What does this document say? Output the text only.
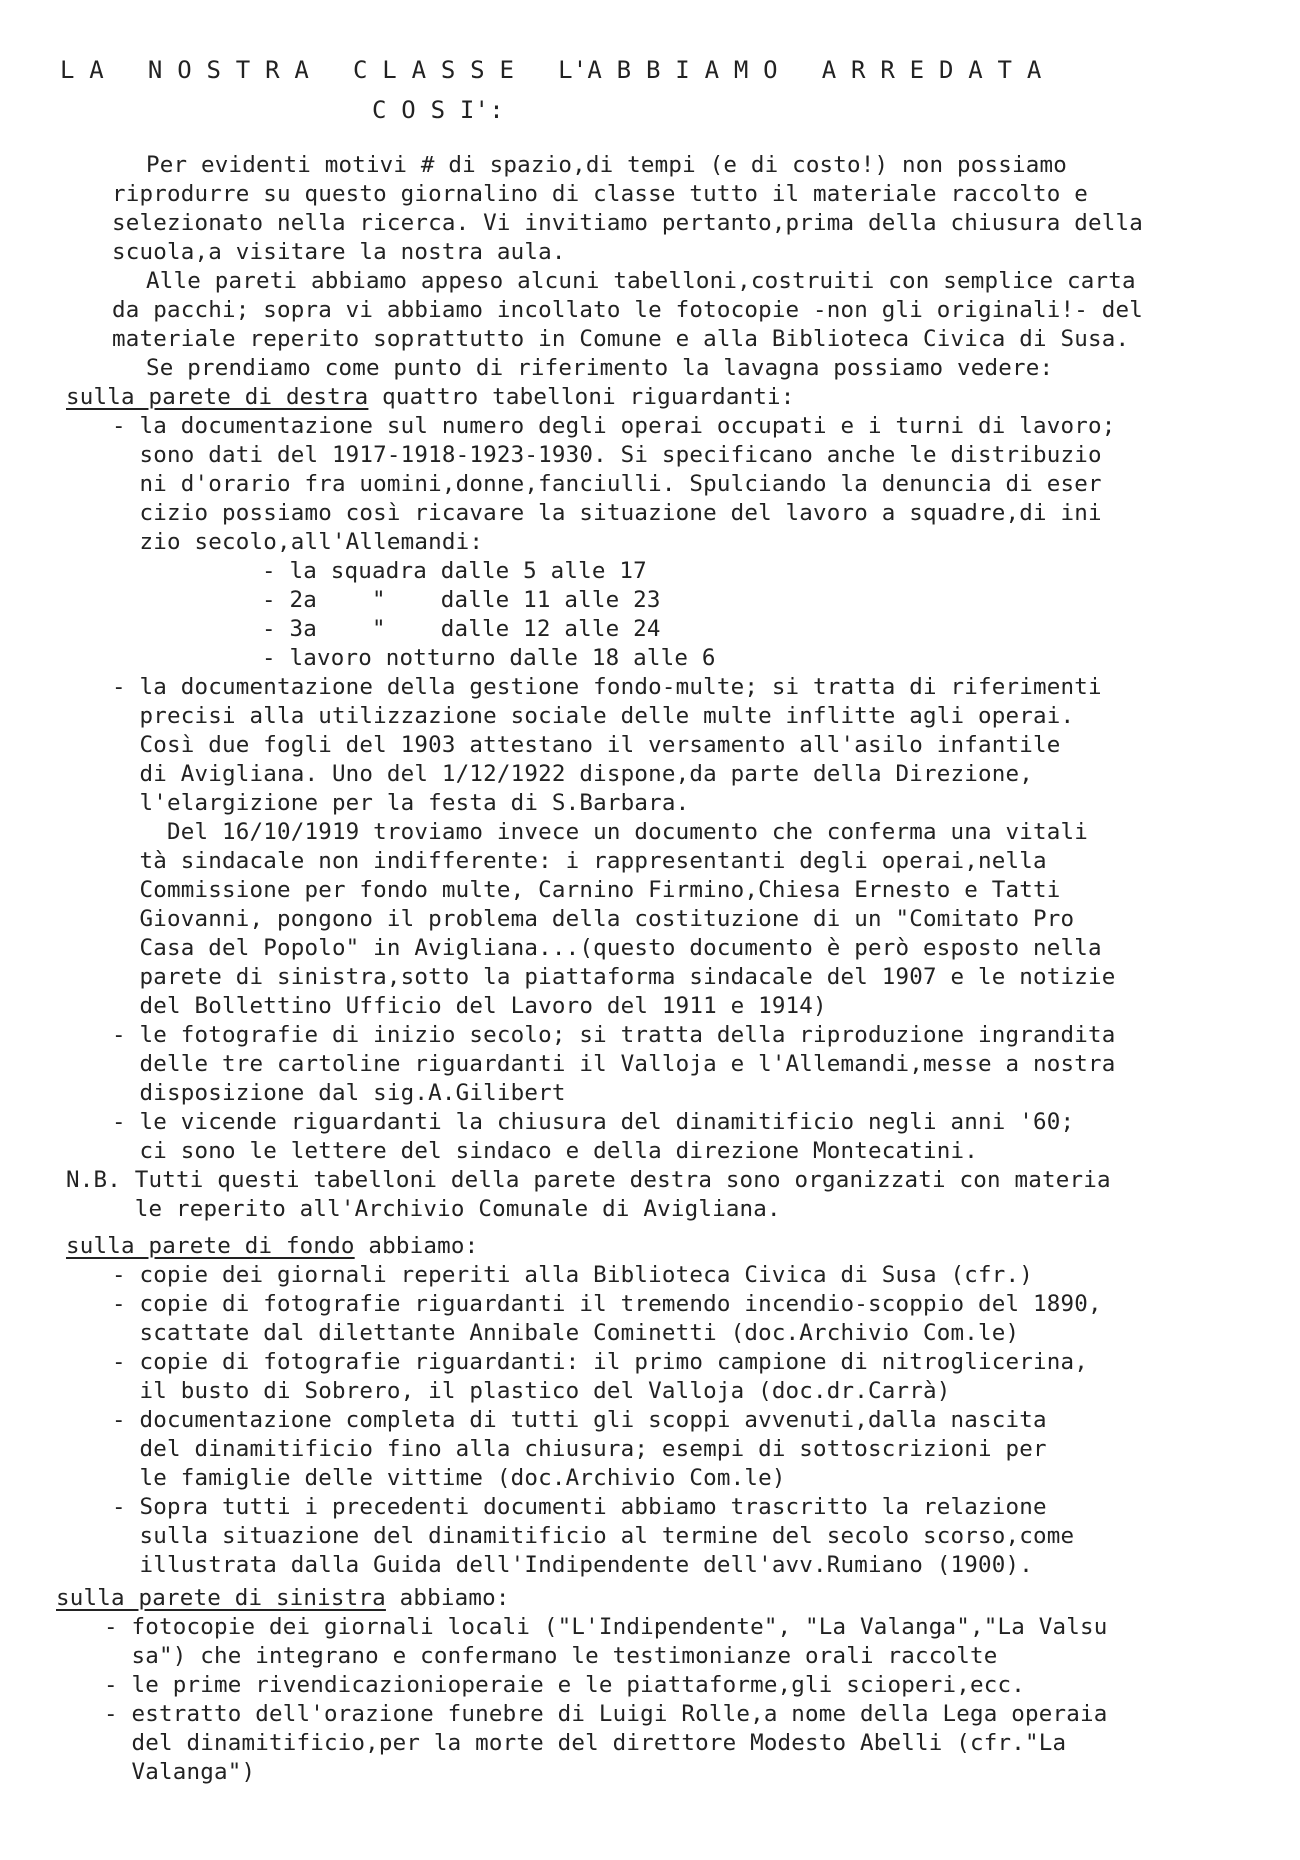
L A   N O S T R A   C L A S S E   L'A B B I A M O   A R R E D A T A
C O S I':
Per evidenti motivi # di spazio,di tempi (e di costo!) non possiamo
riprodurre su questo giornalino di classe tutto il materiale raccolto e
selezionato nella ricerca. Vi invitiamo pertanto,prima della chiusura della
scuola,a visitare la nostra aula.
Alle pareti abbiamo appeso alcuni tabelloni,costruiti con semplice carta
da pacchi; sopra vi abbiamo incollato le fotocopie -non gli originali!- del
materiale reperito soprattutto in Comune e alla Biblioteca Civica di Susa.
Se prendiamo come punto di riferimento la lavagna possiamo vedere:
sulla parete di destra quattro tabelloni riguardanti:
- la documentazione sul numero degli operai occupati e i turni di lavoro;
sono dati del 1917-1918-1923-1930. Si specificano anche le distribuzio
ni d'orario fra uomini,donne,fanciulli. Spulciando la denuncia di eser
cizio possiamo così ricavare la situazione del lavoro a squadre,di ini
zio secolo,all'Allemandi:
- la squadra dalle 5 alle 17
- 2a    "    dalle 11 alle 23
- 3a    "    dalle 12 alle 24
- lavoro notturno dalle 18 alle 6
- la documentazione della gestione fondo-multe; si tratta di riferimenti
precisi alla utilizzazione sociale delle multe inflitte agli operai.
Così due fogli del 1903 attestano il versamento all'asilo infantile
di Avigliana. Uno del 1/12/1922 dispone,da parte della Direzione,
l'elargizione per la festa di S.Barbara.
Del 16/10/1919 troviamo invece un documento che conferma una vitali
tà sindacale non indifferente: i rappresentanti degli operai,nella
Commissione per fondo multe, Carnino Firmino,Chiesa Ernesto e Tatti
Giovanni, pongono il problema della costituzione di un "Comitato Pro
Casa del Popolo" in Avigliana...(questo documento è però esposto nella
parete di sinistra,sotto la piattaforma sindacale del 1907 e le notizie
del Bollettino Ufficio del Lavoro del 1911 e 1914)
- le fotografie di inizio secolo; si tratta della riproduzione ingrandita
delle tre cartoline riguardanti il Valloja e l'Allemandi,messe a nostra
disposizione dal sig.A.Gilibert
- le vicende riguardanti la chiusura del dinamitificio negli anni '60;
ci sono le lettere del sindaco e della direzione Montecatini.
N.B. Tutti questi tabelloni della parete destra sono organizzati con materia
le reperito all'Archivio Comunale di Avigliana.
sulla parete di fondo abbiamo:
- copie dei giornali reperiti alla Biblioteca Civica di Susa (cfr.)
- copie di fotografie riguardanti il tremendo incendio-scoppio del 1890,
scattate dal dilettante Annibale Cominetti (doc.Archivio Com.le)
- copie di fotografie riguardanti: il primo campione di nitroglicerina,
il busto di Sobrero, il plastico del Valloja (doc.dr.Carrà)
- documentazione completa di tutti gli scoppi avvenuti,dalla nascita
del dinamitificio fino alla chiusura; esempi di sottoscrizioni per
le famiglie delle vittime (doc.Archivio Com.le)
- Sopra tutti i precedenti documenti abbiamo trascritto la relazione
sulla situazione del dinamitificio al termine del secolo scorso,come
illustrata dalla Guida dell'Indipendente dell'avv.Rumiano (1900).
sulla parete di sinistra abbiamo:
- fotocopie dei giornali locali ("L'Indipendente", "La Valanga","La Valsu
sa") che integrano e confermano le testimonianze orali raccolte
- le prime rivendicazionioperaie e le piattaforme,gli scioperi,ecc.
- estratto dell'orazione funebre di Luigi Rolle,a nome della Lega operaia
del dinamitificio,per la morte del direttore Modesto Abelli (cfr."La
Valanga")
